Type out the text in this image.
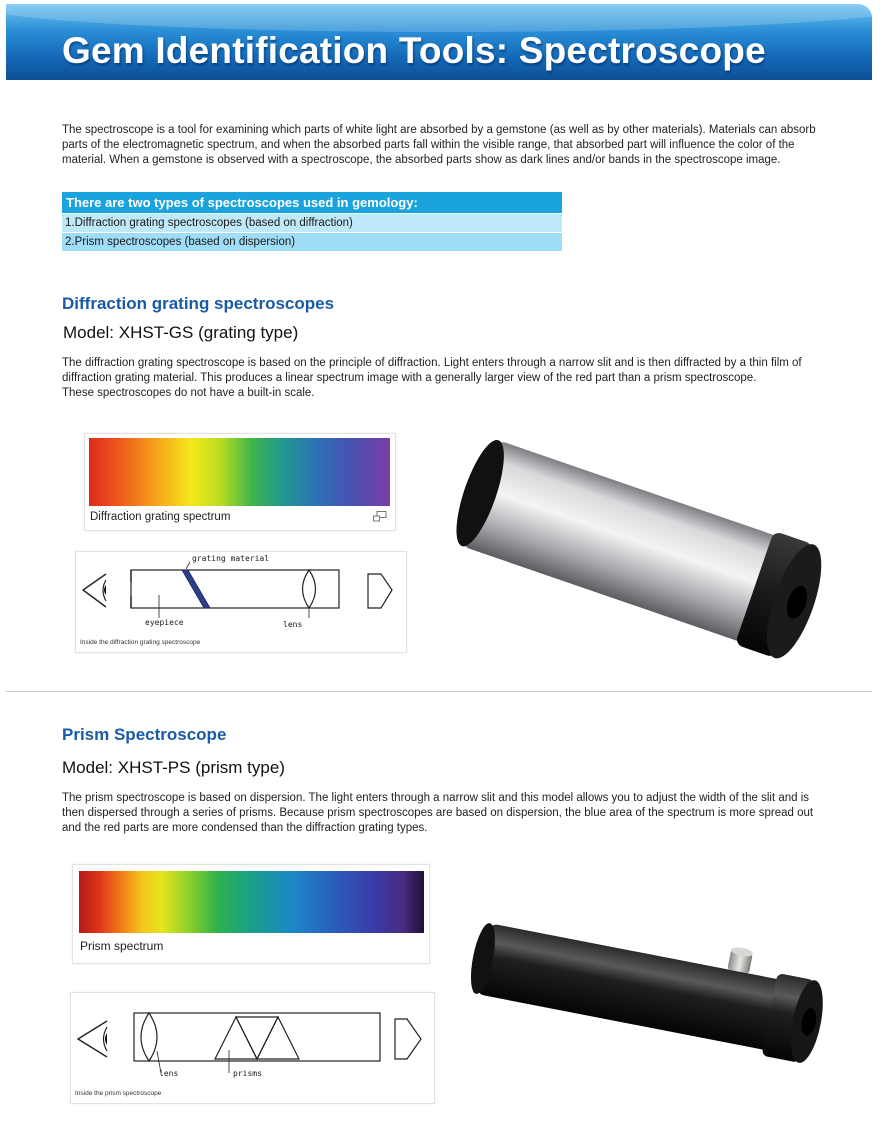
Gem Identification Tools: Spectroscope

The spectroscope is a tool for examining which parts of white light are absorbed by a gemstone (as well as by other materials). Materials can absorb parts of the electromagnetic spectrum, and when the absorbed parts fall within the visible range, that absorbed part will influence the color of the material. When a gemstone is observed with a spectroscope, the absorbed parts show as dark lines and/or bands in the spectroscope image.

There are two types of spectroscopes used in gemology:
1.Diffraction grating spectroscopes (based on diffraction)
2.Prism spectroscopes (based on dispersion)
Diffraction grating spectroscopes
Model: XHST-GS (grating type)

The diffraction grating spectroscope is based on the principle of diffraction. Light enters through a narrow slit and is then diffracted by a thin film of diffraction grating material. This produces a linear spectrum image with a generally larger view of the red part than a prism spectroscope.
These spectroscopes do not have a built-in scale.

Diffraction grating spectrum
grating material
eyepiece	lens
Inside the diffraction grating spectroscope
Prism Spectroscope
Model: XHST-PS (prism type)

The prism spectroscope is based on dispersion. The light enters through a narrow slit and this model allows you to adjust the width of the slit and is then dispersed through a series of prisms. Because prism spectroscopes are based on dispersion, the blue area of the spectrum is more spread out and the red parts are more condensed than the diffraction grating types.

Prism spectrum
lens	prisms
Inside the prism spectroscope
